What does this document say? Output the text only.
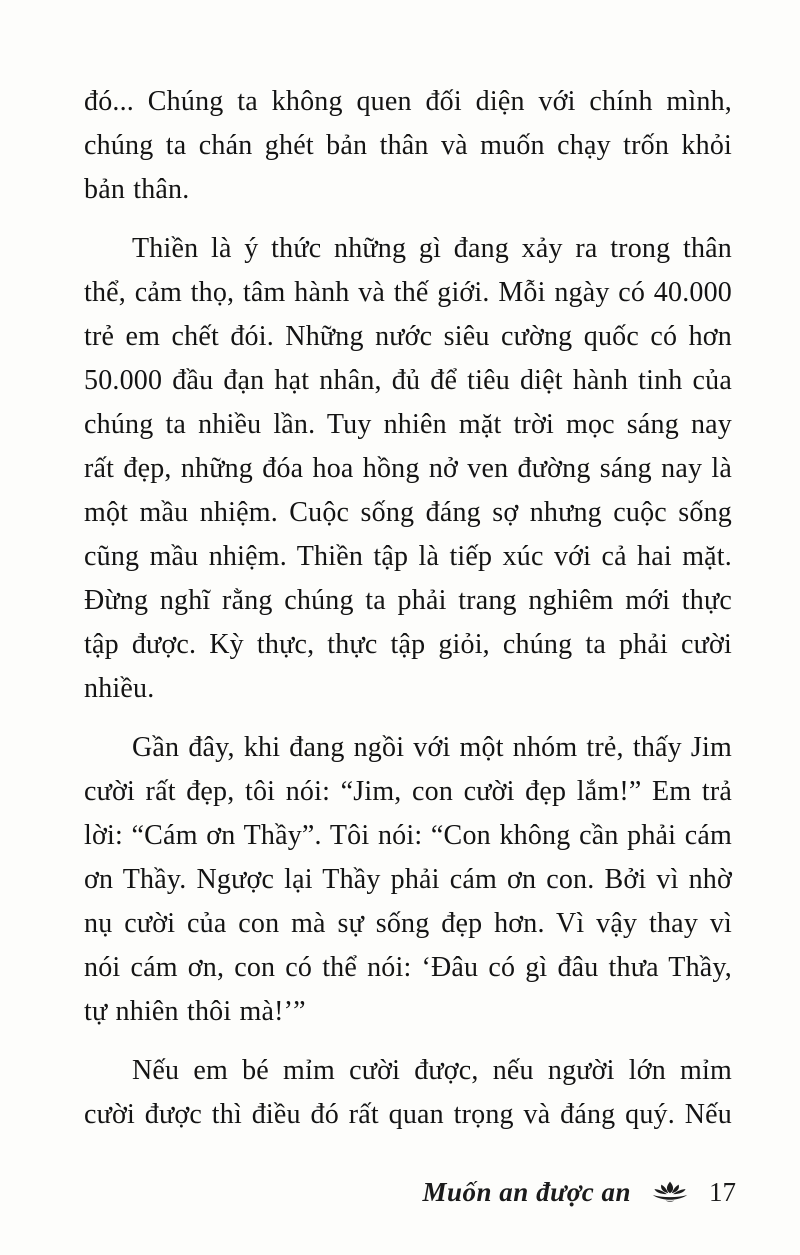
đó... Chúng ta không quen đối diện với chính mình, chúng ta chán ghét bản thân và muốn chạy trốn khỏi bản thân.

Thiền là ý thức những gì đang xảy ra trong thân thể, cảm thọ, tâm hành và thế giới. Mỗi ngày có 40.000 trẻ em chết đói. Những nước siêu cường quốc có hơn 50.000 đầu đạn hạt nhân, đủ để tiêu diệt hành tinh của chúng ta nhiều lần. Tuy nhiên mặt trời mọc sáng nay rất đẹp, những đóa hoa hồng nở ven đường sáng nay là một mầu nhiệm. Cuộc sống đáng sợ nhưng cuộc sống cũng mầu nhiệm. Thiền tập là tiếp xúc với cả hai mặt. Đừng nghĩ rằng chúng ta phải trang nghiêm mới thực tập được. Kỳ thực, thực tập giỏi, chúng ta phải cười nhiều.

Gần đây, khi đang ngồi với một nhóm trẻ, thấy Jim cười rất đẹp, tôi nói: “Jim, con cười đẹp lắm!” Em trả lời: “Cám ơn Thầy”. Tôi nói: “Con không cần phải cám ơn Thầy. Ngược lại Thầy phải cám ơn con. Bởi vì nhờ nụ cười của con mà sự sống đẹp hơn. Vì vậy thay vì nói cám ơn, con có thể nói: ‘Đâu có gì đâu thưa Thầy, tự nhiên thôi mà!’”

Nếu em bé mỉm cười được, nếu người lớn mỉm cười được thì điều đó rất quan trọng và đáng quý. Nếu

Muốn an được an	17
